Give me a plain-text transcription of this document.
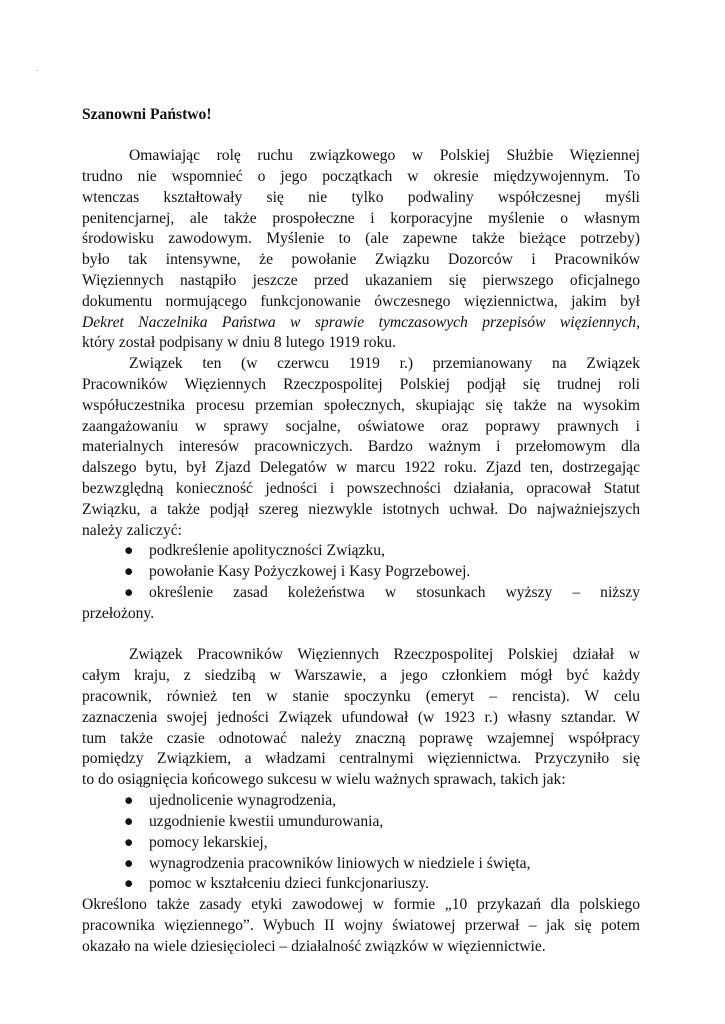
Szanowni Państwo!
Omawiając rolę ruchu związkowego w Polskiej Służbie Więziennej
trudno nie wspomnieć o jego początkach w okresie międzywojennym. To
wtenczas kształtowały się nie tylko podwaliny współczesnej myśli
penitencjarnej, ale także prospołeczne i korporacyjne myślenie o własnym
środowisku zawodowym. Myślenie to (ale zapewne także bieżące potrzeby)
było tak intensywne, że powołanie Związku Dozorców i Pracowników
Więziennych nastąpiło jeszcze przed ukazaniem się pierwszego oficjalnego
dokumentu normującego funkcjonowanie ówczesnego więziennictwa, jakim był
Dekret Naczelnika Państwa w sprawie tymczasowych przepisów więziennych,
który został podpisany w dniu 8 lutego 1919 roku.
Związek ten (w czerwcu 1919 r.) przemianowany na Związek
Pracowników Więziennych Rzeczpospolitej Polskiej podjął się trudnej roli
współuczestnika procesu przemian społecznych, skupiając się także na wysokim
zaangażowaniu w sprawy socjalne, oświatowe oraz poprawy prawnych i
materialnych interesów pracowniczych. Bardzo ważnym i przełomowym dla
dalszego bytu, był Zjazd Delegatów w marcu 1922 roku. Zjazd ten, dostrzegając
bezwzględną konieczność jedności i powszechności działania, opracował Statut
Związku, a także podjął szereg niezwykle istotnych uchwał. Do najważniejszych
należy zaliczyć:
● podkreślenie apolityczności Związku,
● powołanie Kasy Pożyczkowej i Kasy Pogrzebowej.
● określenie zasad koleżeństwa w stosunkach wyższy – niższy
przełożony.
Związek Pracowników Więziennych Rzeczpospolitej Polskiej działał w
całym kraju, z siedzibą w Warszawie, a jego członkiem mógł być każdy
pracownik, również ten w stanie spoczynku (emeryt – rencista). W celu
zaznaczenia swojej jedności Związek ufundował (w 1923 r.) własny sztandar. W
tum także czasie odnotować należy znaczną poprawę wzajemnej współpracy
pomiędzy Związkiem, a władzami centralnymi więziennictwa. Przyczyniło się
to do osiągnięcia końcowego sukcesu w wielu ważnych sprawach, takich jak:
● ujednolicenie wynagrodzenia,
● uzgodnienie kwestii umundurowania,
● pomocy lekarskiej,
● wynagrodzenia pracowników liniowych w niedziele i święta,
● pomoc w kształceniu dzieci funkcjonariuszy.
Określono także zasady etyki zawodowej w formie „10 przykazań dla polskiego
pracownika więziennego”. Wybuch II wojny światowej przerwał – jak się potem
okazało na wiele dziesięcioleci – działalność związków w więziennictwie.
